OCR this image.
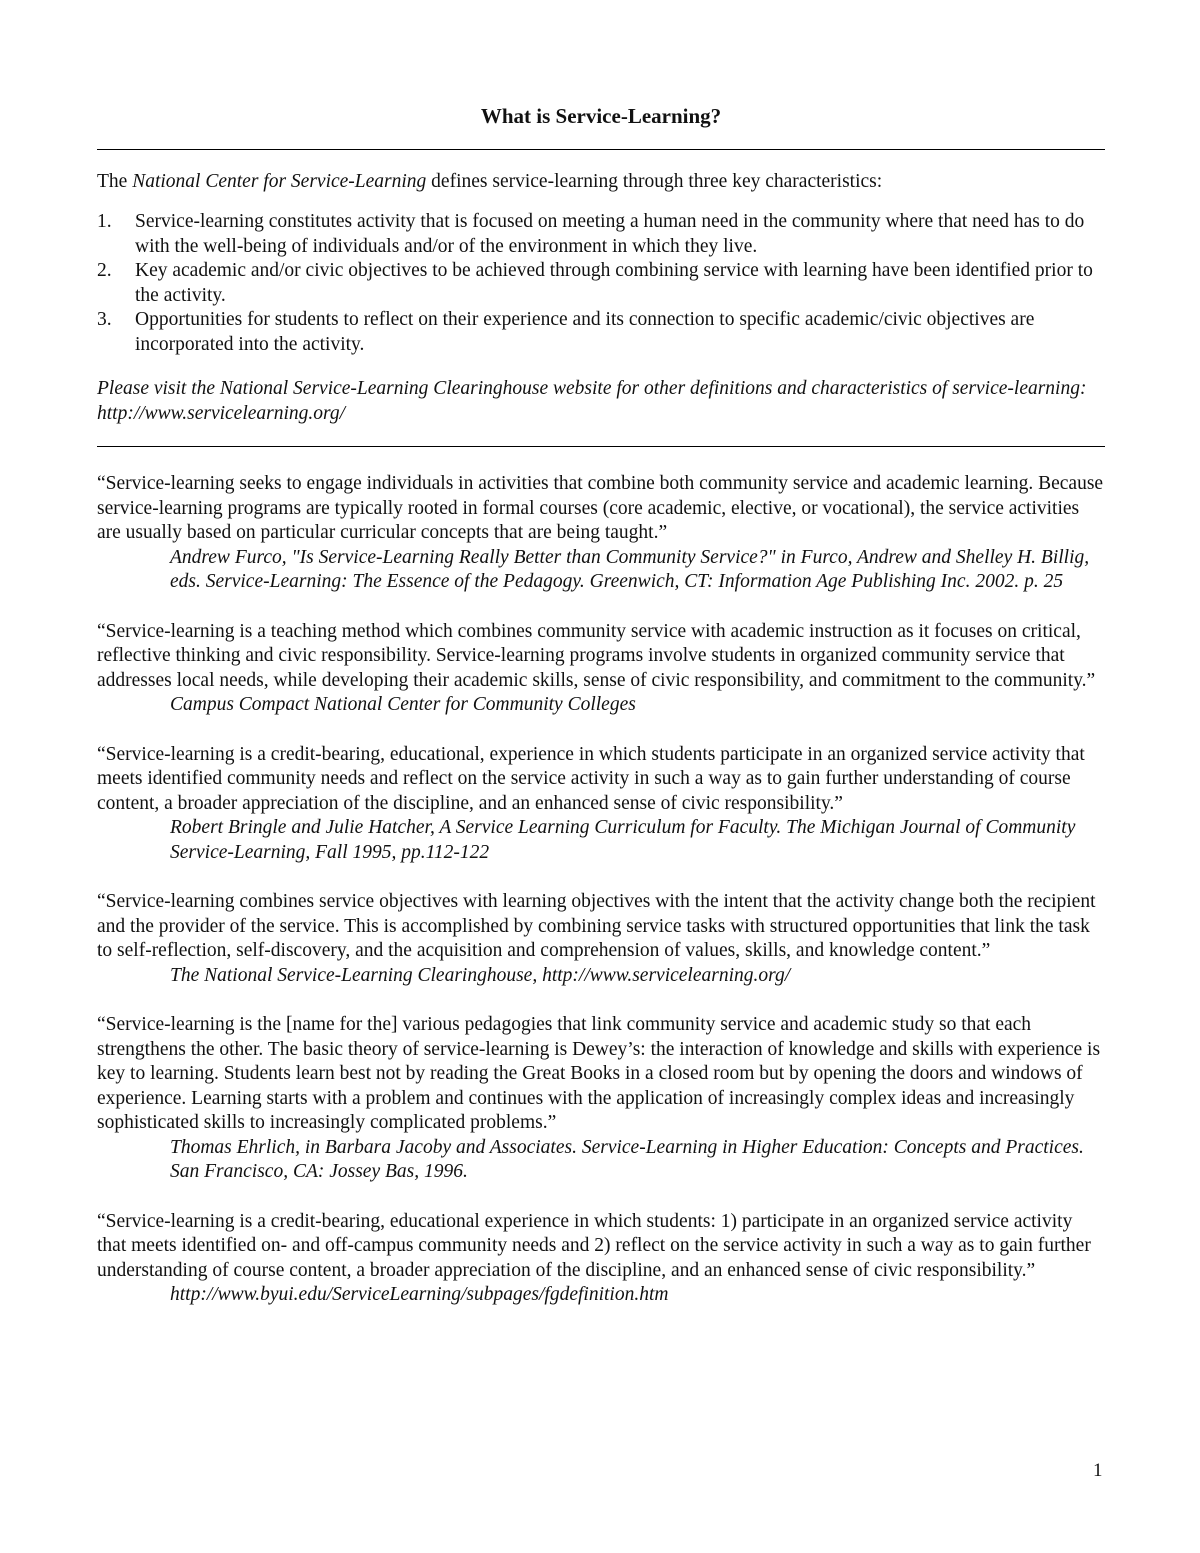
What is Service-Learning?

The National Center for Service-Learning defines service-learning through three key characteristics:

1. Service-learning constitutes activity that is focused on meeting a human need in the community where that need has to do with the well-being of individuals and/or of the environment in which they live.
2. Key academic and/or civic objectives to be achieved through combining service with learning have been identified prior to the activity.
3. Opportunities for students to reflect on their experience and its connection to specific academic/civic objectives are incorporated into the activity.

Please visit the National Service-Learning Clearinghouse website for other definitions and characteristics of service-learning: http://www.servicelearning.org/

“Service-learning seeks to engage individuals in activities that combine both community service and academic learning. Because service-learning programs are typically rooted in formal courses (core academic, elective, or vocational), the service activities are usually based on particular curricular concepts that are being taught.”

Andrew Furco, "Is Service-Learning Really Better than Community Service?" in Furco, Andrew and Shelley H. Billig, eds. Service-Learning: The Essence of the Pedagogy. Greenwich, CT: Information Age Publishing Inc. 2002. p. 25

“Service-learning is a teaching method which combines community service with academic instruction as it focuses on critical, reflective thinking and civic responsibility. Service-learning programs involve students in organized community service that addresses local needs, while developing their academic skills, sense of civic responsibility, and commitment to the community.”

Campus Compact National Center for Community Colleges

“Service-learning is a credit-bearing, educational, experience in which students participate in an organized service activity that meets identified community needs and reflect on the service activity in such a way as to gain further understanding of course content, a broader appreciation of the discipline, and an enhanced sense of civic responsibility.”

Robert Bringle and Julie Hatcher, A Service Learning Curriculum for Faculty. The Michigan Journal of Community Service-Learning, Fall 1995, pp.112-122

“Service-learning combines service objectives with learning objectives with the intent that the activity change both the recipient and the provider of the service. This is accomplished by combining service tasks with structured opportunities that link the task to self-reflection, self-discovery, and the acquisition and comprehension of values, skills, and knowledge content.”

The National Service-Learning Clearinghouse, http://www.servicelearning.org/

“Service-learning is the [name for the] various pedagogies that link community service and academic study so that each strengthens the other. The basic theory of service-learning is Dewey’s: the interaction of knowledge and skills with experience is key to learning. Students learn best not by reading the Great Books in a closed room but by opening the doors and windows of experience. Learning starts with a problem and continues with the application of increasingly complex ideas and increasingly sophisticated skills to increasingly complicated problems.”

Thomas Ehrlich, in Barbara Jacoby and Associates. Service-Learning in Higher Education: Concepts and Practices. San Francisco, CA: Jossey Bas, 1996.

“Service-learning is a credit-bearing, educational experience in which students: 1) participate in an organized service activity that meets identified on- and off-campus community needs and 2) reflect on the service activity in such a way as to gain further understanding of course content, a broader appreciation of the discipline, and an enhanced sense of civic responsibility.”

http://www.byui.edu/ServiceLearning/subpages/fgdefinition.htm

1
